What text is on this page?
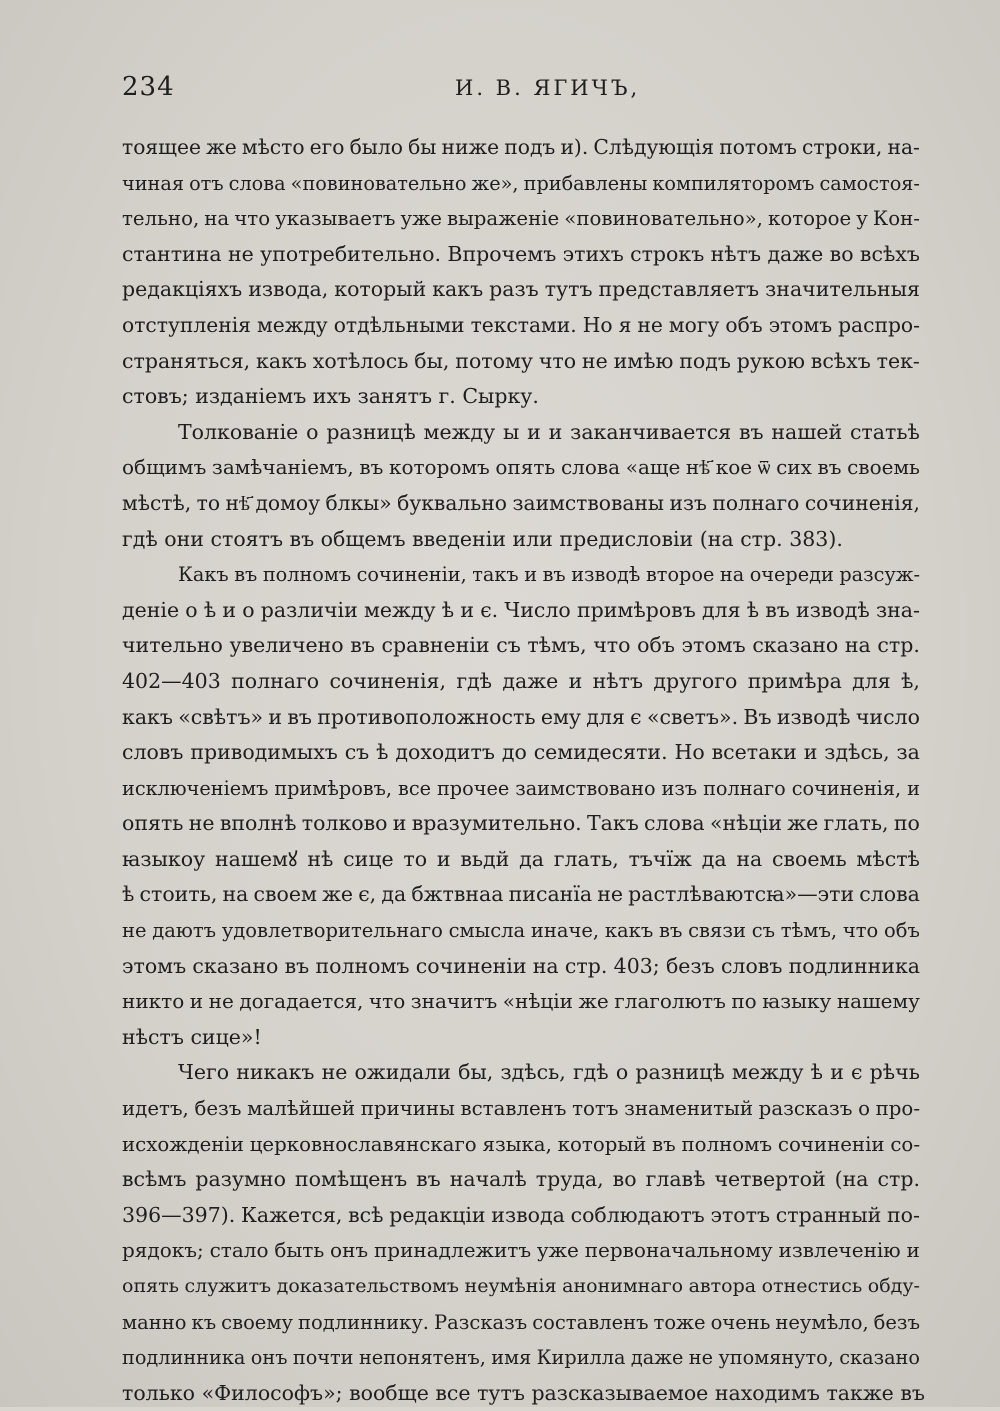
234	И. В. ЯГИЧЪ,
тоящее же мѣсто его было бы ниже подъ и). Слѣдующія потомъ строки, на-
чиная отъ слова «повиновательно же», прибавлены компиляторомъ самостоя-
тельно, на что указываетъ уже выраженіе «повиновательно», которое у Кон-
стантина не употребительно. Впрочемъ этихъ строкъ нѣтъ даже во всѣхъ
редакціяхъ извода, который какъ разъ тутъ представляетъ значительныя
отступленія между отдѣльными текстами. Но я не могу объ этомъ распро-
страняться, какъ хотѣлось бы, потому что не имѣю подъ рукою всѣхъ тек-
стовъ; изданіемъ ихъ занятъ г. Сырку.
Толкованіе о разницѣ между ы и и заканчивается въ нашей статьѣ
общимъ замѣчаніемъ, въ которомъ опять слова «аще нѣ҃ кое ѿ сих въ своемь
мѣстѣ, то нѣ҃ домоу блкы» буквально заимствованы изъ полнаго сочиненія,
гдѣ они стоятъ въ общемъ введеніи или предисловіи (на стр. 383).
Какъ въ полномъ сочиненіи, такъ и въ изводѣ второе на очереди разсуж-
деніе о ѣ и о различіи между ѣ и є. Число примѣровъ для ѣ въ изводѣ зна-
чительно увеличено въ сравненіи съ тѣмъ, что объ этомъ сказано на стр.
402—403 полнаго сочиненія, гдѣ даже и нѣтъ другого примѣра для ѣ,
какъ «свѣтъ» и въ противоположность ему для є «светъ». Въ изводѣ число
словъ приводимыхъ съ ѣ доходитъ до семидесяти. Но всетаки и здѣсь, за
исключеніемъ примѣровъ, все прочее заимствовано изъ полнаго сочиненія, и
опять не вполнѣ толково и вразумительно. Такъ слова «нѣціи же глать, по
ꙗзыкоу нашемꙋ нѣ сице то и вьдй да глать, тъчїж да на своемь мѣстѣ
ѣ стоить, на своем же є, да бжтвнаа писанїа не растлѣваютсꙗ»—эти слова
не даютъ удовлетворительнаго смысла иначе, какъ въ связи съ тѣмъ, что объ
этомъ сказано въ полномъ сочиненіи на стр. 403; безъ словъ подлинника
никто и не догадается, что значитъ «нѣціи же глаголютъ по ꙗзыку нашему
нѣстъ сице»!
Чего никакъ не ожидали бы, здѣсь, гдѣ о разницѣ между ѣ и є рѣчь
идетъ, безъ малѣйшей причины вставленъ тотъ знаменитый разсказъ о про-
исхожденіи церковнославянскаго языка, который въ полномъ сочиненіи со-
всѣмъ разумно помѣщенъ въ началѣ труда, во главѣ четвертой (на стр.
396—397). Кажется, всѣ редакціи извода соблюдаютъ этотъ странный по-
рядокъ; стало быть онъ принадлежитъ уже первоначальному извлеченію и
опять служитъ доказательствомъ неумѣнія анонимнаго автора отнестись обду-
манно къ своему подлиннику. Разсказъ составленъ тоже очень неумѣло, безъ
подлинника онъ почти непонятенъ, имя Кирилла даже не упомянуто, сказано
только «Философъ»; вообще все тутъ разсказываемое находимъ также въ
